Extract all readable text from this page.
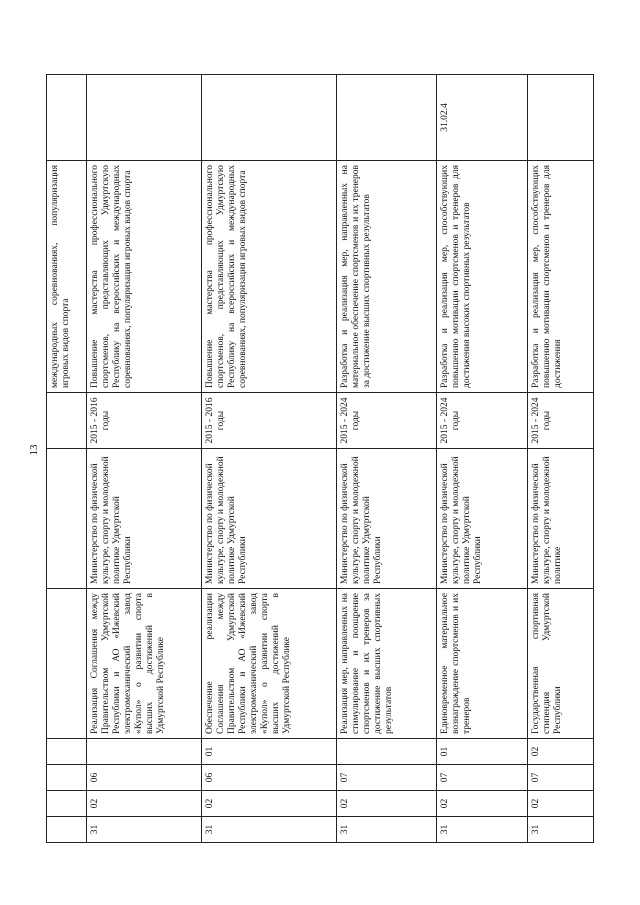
13
							международных соревнованиях, популяризация игровых видов спорта	
31	02	06		Реализация Соглашения между Правительством Удмуртской Республики и АО «Ижевский электромеханический завод «Купол» о развитии спорта высших достижений в Удмуртской Республике	Министерство по физической культуре, спорту и молодежной политике Удмуртской Республики	2015 - 2016 годы	Повышение мастерства профессионального спортсменов, представляющих Удмуртскую Республику на всероссийских и международных соревнованиях, популяризация игровых видов спорта	
31	02	06	01	Обеспечение реализации Соглашения между Правительством Удмуртской Республики и АО «Ижевский электромеханический завод «Купол» о развитии спорта высших достижений в Удмуртской Республике	Министерство по физической культуре, спорту и молодежной политике Удмуртской Республики	2015 - 2016 годы	Повышение мастерства профессионального спортсменов, представляющих Удмуртскую Республику на всероссийских и международных соревнованиях, популяризация игровых видов спорта	
31	02	07		Реализация мер, направленных на стимулирование и поощрение спортсменов и их тренеров за достижение высших спортивных результатов	Министерство по физической культуре, спорту и молодежной политике Удмуртской Республики	2015 - 2024 годы	Разработка и реализация мер, направленных на материальное обеспечение спортсменов и их тренеров за достижение высших спортивных результатов	
31	02	07	01	Единовременное материальное вознаграждение спортсменов и их тренеров	Министерство по физической культуре, спорту и молодежной политике Удмуртской Республики	2015 - 2024 годы	Разработка и реализация мер, способствующих повышению мотивации спортсменов и тренеров для достижения высоких спортивных результатов	31.02.4
31	02	07	02	Государственная спортивная стипендия Удмуртской Республики	Министерство по физической культуре, спорту и молодежной политике	2015 - 2024 годы	Разработка и реализация мер, способствующих повышению мотивации спортсменов и тренеров для достижения	
